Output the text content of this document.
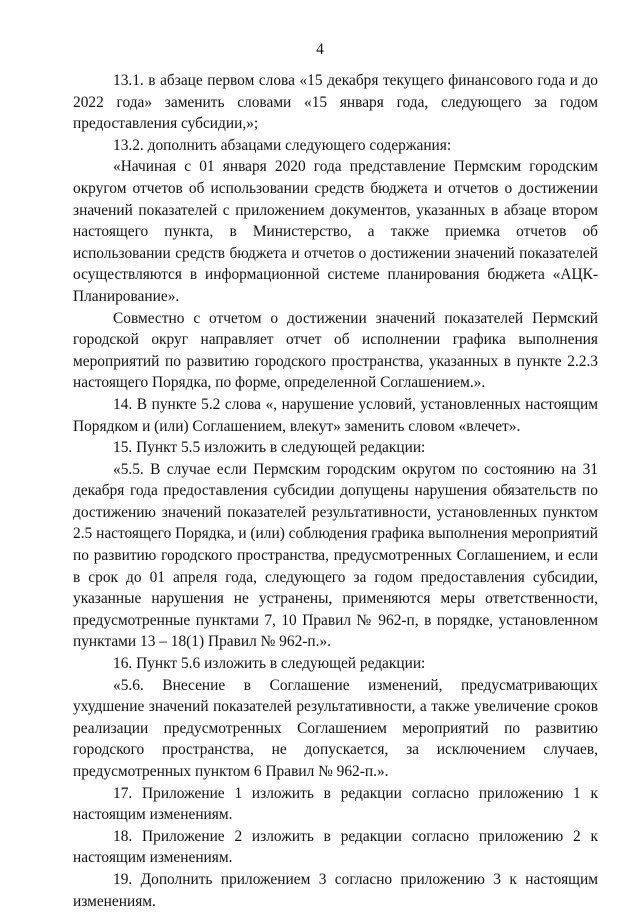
4

13.1. в абзаце первом слова «15 декабря текущего финансового года и до 2022 года» заменить словами «15 января года, следующего за годом предоставления субсидии,»;

13.2. дополнить абзацами следующего содержания:

«Начиная с 01 января 2020 года представление Пермским городским округом отчетов об использовании средств бюджета и отчетов о достижении значений показателей с приложением документов, указанных в абзаце втором настоящего пункта, в Министерство, а также приемка отчетов об использовании средств бюджета и отчетов о достижении значений показателей осуществляются в информационной системе планирования бюджета «АЦК-Планирование».

Совместно с отчетом о достижении значений показателей Пермский городской округ направляет отчет об исполнении графика выполнения мероприятий по развитию городского пространства, указанных в пункте 2.2.3 настоящего Порядка, по форме, определенной Соглашением.».

14. В пункте 5.2 слова «, нарушение условий, установленных настоящим Порядком и (или) Соглашением, влекут» заменить словом «влечет».

15. Пункт 5.5 изложить в следующей редакции:

«5.5. В случае если Пермским городским округом по состоянию на 31 декабря года предоставления субсидии допущены нарушения обязательств по достижению значений показателей результативности, установленных пунктом 2.5 настоящего Порядка, и (или) соблюдения графика выполнения мероприятий по развитию городского пространства, предусмотренных Соглашением, и если в срок до 01 апреля года, следующего за годом предоставления субсидии, указанные нарушения не устранены, применяются меры ответственности, предусмотренные пунктами 7, 10 Правил № 962-п, в порядке, установленном пунктами 13 – 18(1) Правил № 962-п.».

16. Пункт 5.6 изложить в следующей редакции:

«5.6. Внесение в Соглашение изменений, предусматривающих ухудшение значений показателей результативности, а также увеличение сроков реализации предусмотренных Соглашением мероприятий по развитию городского пространства, не допускается, за исключением случаев, предусмотренных пунктом 6 Правил № 962-п.».

17. Приложение 1 изложить в редакции согласно приложению 1 к настоящим изменениям.

18. Приложение 2 изложить в редакции согласно приложению 2 к настоящим изменениям.

19. Дополнить приложением 3 согласно приложению 3 к настоящим изменениям.
